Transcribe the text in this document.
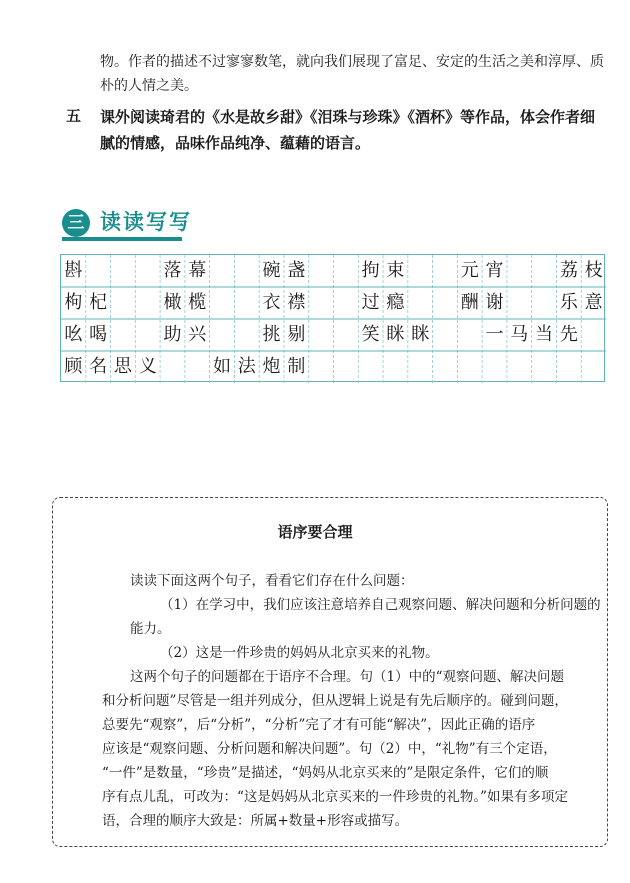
物。作者的描述不过寥寥数笔，就向我们展现了富足、安定的生活之美和淳厚、质朴的人情之美。
五 课外阅读琦君的《水是故乡甜》《泪珠与珍珠》《酒杯》等作品，体会作者细腻的情感，品味作品纯净、蕴藉的语言。
三 读读写写
斟	落 幕	碗 盏	拘 束	元 宵	荔 枝
枸 杞	橄 榄	衣 襟	过 瘾	酬 谢	乐 意
吆 喝	助 兴	挑 剔	笑 眯 眯	一 马 当 先
顾 名 思 义	如 法 炮 制
语序要合理
读读下面这两个句子，看看它们存在什么问题：
（1）在学习中，我们应该注意培养自己观察问题、解决问题和分析问题的
能力。
（2）这是一件珍贵的妈妈从北京买来的礼物。
这两个句子的问题都在于语序不合理。句（1）中的“观察问题、解决问题
和分析问题”尽管是一组并列成分，但从逻辑上说是有先后顺序的。碰到问题，
总要先“观察”，后“分析”，“分析”完了才有可能“解决”，因此正确的语序
应该是“观察问题、分析问题和解决问题”。句（2）中，“礼物”有三个定语，
“一件”是数量，“珍贵”是描述，“妈妈从北京买来的”是限定条件，它们的顺
序有点儿乱，可改为：“这是妈妈从北京买来的一件珍贵的礼物。”如果有多项定
语，合理的顺序大致是：所属+数量+形容或描写。
